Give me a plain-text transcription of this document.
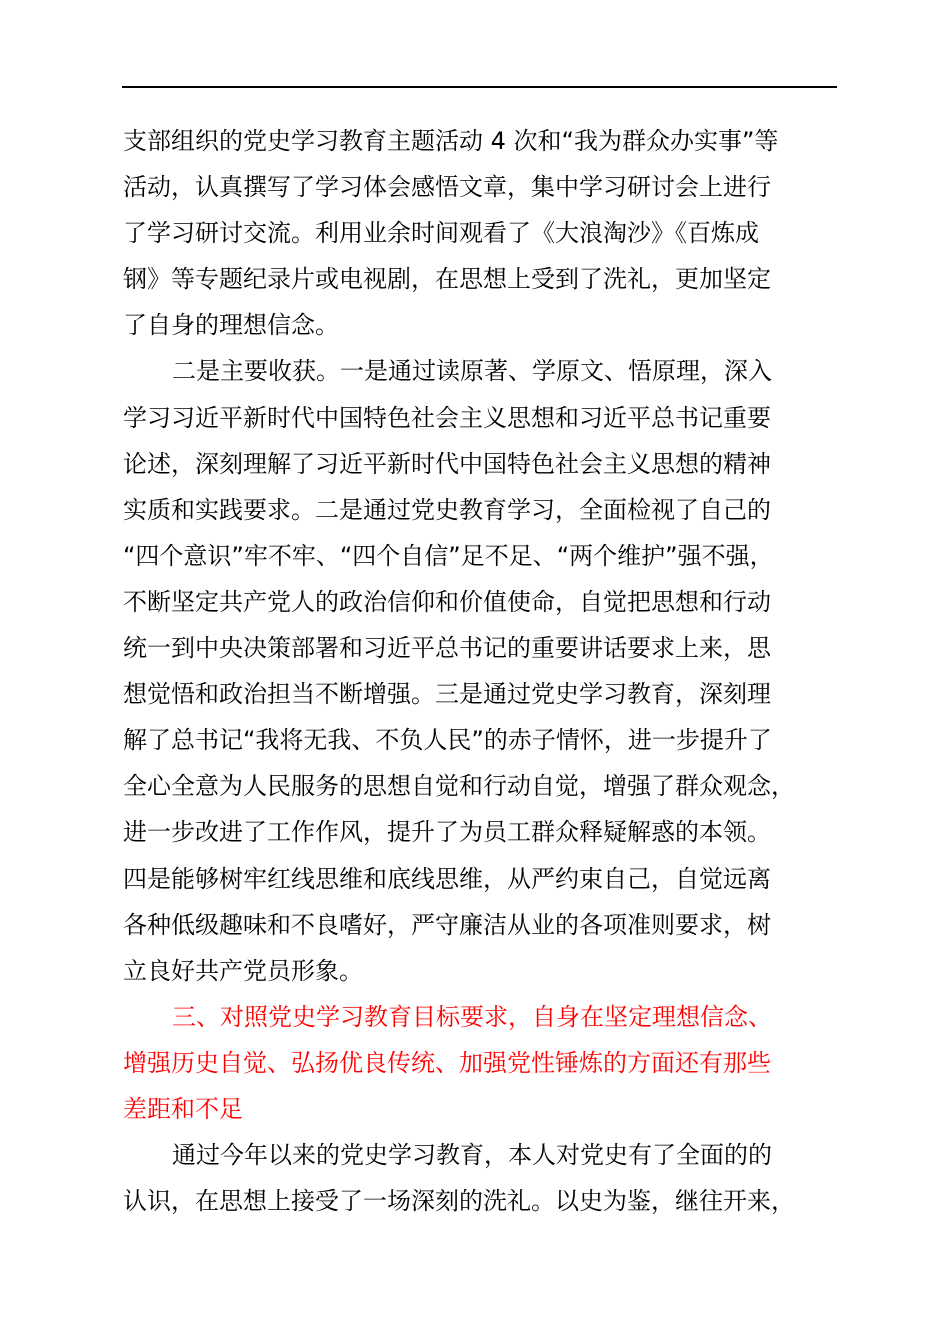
支部组织的党史学习教育主题活动 4 次和“我为群众办实事”等
活动，认真撰写了学习体会感悟文章，集中学习研讨会上进行
了学习研讨交流。利用业余时间观看了《大浪淘沙》《百炼成
钢》等专题纪录片或电视剧，在思想上受到了洗礼，更加坚定
了自身的理想信念。
二是主要收获。一是通过读原著、学原文、悟原理，深入
学习习近平新时代中国特色社会主义思想和习近平总书记重要
论述，深刻理解了习近平新时代中国特色社会主义思想的精神
实质和实践要求。二是通过党史教育学习，全面检视了自己的
“四个意识”牢不牢、“四个自信”足不足、“两个维护”强不强，
不断坚定共产党人的政治信仰和价值使命，自觉把思想和行动
统一到中央决策部署和习近平总书记的重要讲话要求上来，思
想觉悟和政治担当不断增强。三是通过党史学习教育，深刻理
解了总书记“我将无我、不负人民”的赤子情怀，进一步提升了
全心全意为人民服务的思想自觉和行动自觉，增强了群众观念，
进一步改进了工作作风，提升了为员工群众释疑解惑的本领。
四是能够树牢红线思维和底线思维，从严约束自己，自觉远离
各种低级趣味和不良嗜好，严守廉洁从业的各项准则要求，树
立良好共产党员形象。
三、对照党史学习教育目标要求，自身在坚定理想信念、
增强历史自觉、弘扬优良传统、加强党性锤炼的方面还有那些
差距和不足
通过今年以来的党史学习教育，本人对党史有了全面的的
认识，在思想上接受了一场深刻的洗礼。以史为鉴，继往开来，
